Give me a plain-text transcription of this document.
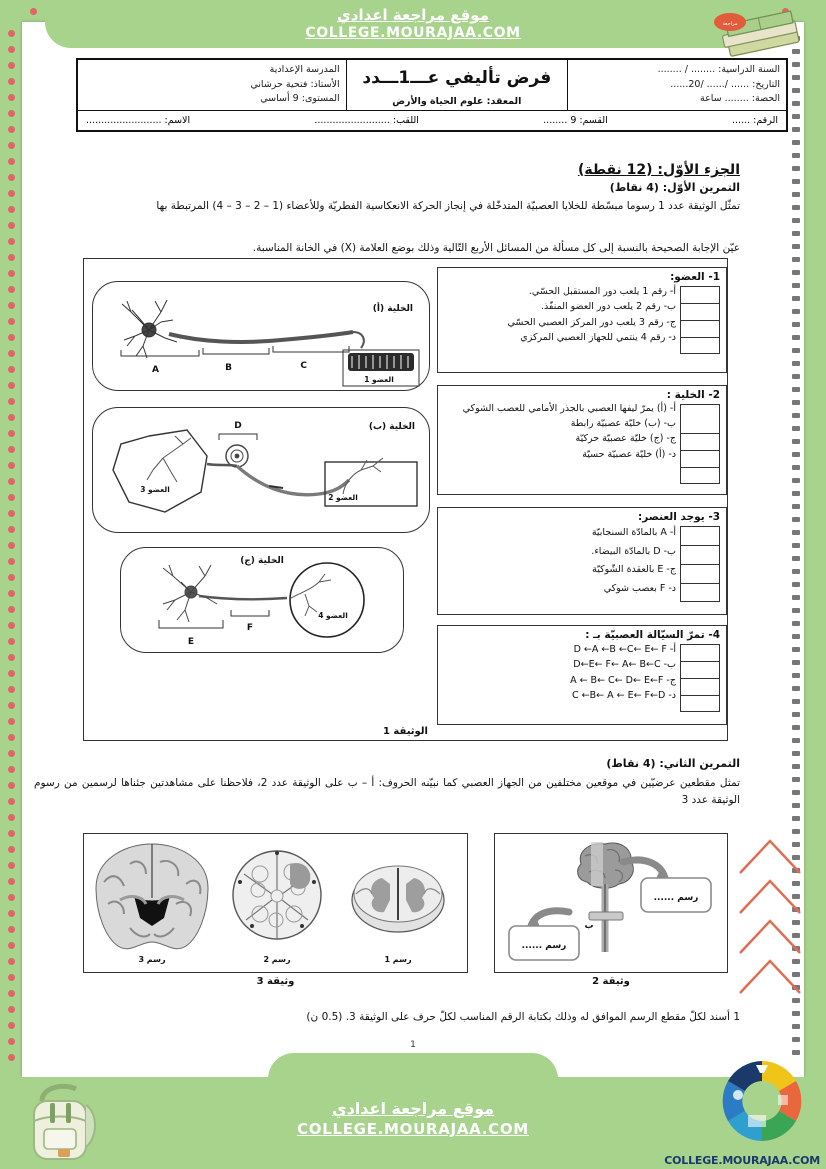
موقع مراجعة اعدادي
COLLEGE.MOURAJAA.COM
مراجعة
السنة الدراسية: ........ / ........
التاريخ: ...... /...... /20......
الحصة: ........ ساعة

فرض تأليفي عـــ1ـــدد
المعقد: علوم الحياة والأرض

المدرسة الإعدادية
الأستاذ: فتحية حرشاني
المستوى: 9 أساسي

الرقم: ......
القسم: 9 ........
اللقب: .........................
الاسم: .........................
الجزء الأوّل: (12 نقطة)
التمرين الأوّل: (4 نقاط)
تمثّل الوثيقة عدد 1 رسوما مبسّطة للخلايا العصبيّة المتدخّلة في إنجاز الحركة الانعكاسية الفطريّة وللأعضاء (1 – 2 – 3 – 4) المرتبطة بها
عيّن الإجابة الصحيحة بالنسبة إلى كل مسألة من المسائل الأربع التّالية وذلك بوضع العلامة (X) في الخانة المناسبة.
الخلية (أ)
A	B	C
العضو 1
الخلية (ب)
العضو 3
D
العضو 2
الخلية (ج)
E
F
العضو 4
1- العضو:
أ- رقم 1 يلعب دور المستقبل الحسّي.
ب- رقم 2 يلعب دور العضو المنفّذ.
ج- رقم 3 يلعب دور المركز العصبي الحسّي
د- رقم 4 ينتمي للجهاز العصبي المركزي
2- الخلية :
أ- (أ) يمرّ ليفها العصبي بالجذر الأمامي للعصب الشوكي
ب- (ب) خليّة عصبيّة رابطة
ج- (ج) خليّة عصبيّة حركيّة
د- (أ) خليّة عصبيّة حسيّة
3- يوجد العنصر:
أ- A بالمادّة السنجابيّة
ب- D بالمادّة البيضاء.
ج- E بالعقدة الشّوكيّة
د- F بعصب شوكي
4- تمرّ السيّالة العصبيّة بـ :
أ- D ←A ←B ←C← E← F
ب- D←E← F← A← B←C
ج- A ← B← C← D← E←F
د- C ←B← A ← E← F←D
الوثيقة 1
التمرين الثاني: (4 نقاط)
تمثل مقطعين عرضيّين في موقعين مختلفين من الجهاز العصبي كما نبيّنه الحروف: أ – ب على الوثيقة عدد 2، فلاحظنا على مشاهدتين جئناها لرسمين من رسوم الوثيقة عدد 3
رسم 3	رسم 2	رسم 1
وثيقة 3
ب
رسم ......
رسم ......
وثيقة 2
1 أسند لكلّ مقطع الرسم الموافق له وذلك بكتابة الرقم المناسب لكلّ حرف على الوثيقة 3. (0.5 ن)
1
موقع مراجعة اعدادي
COLLEGE.MOURAJAA.COM
COLLEGE.MOURAJAA.COM
